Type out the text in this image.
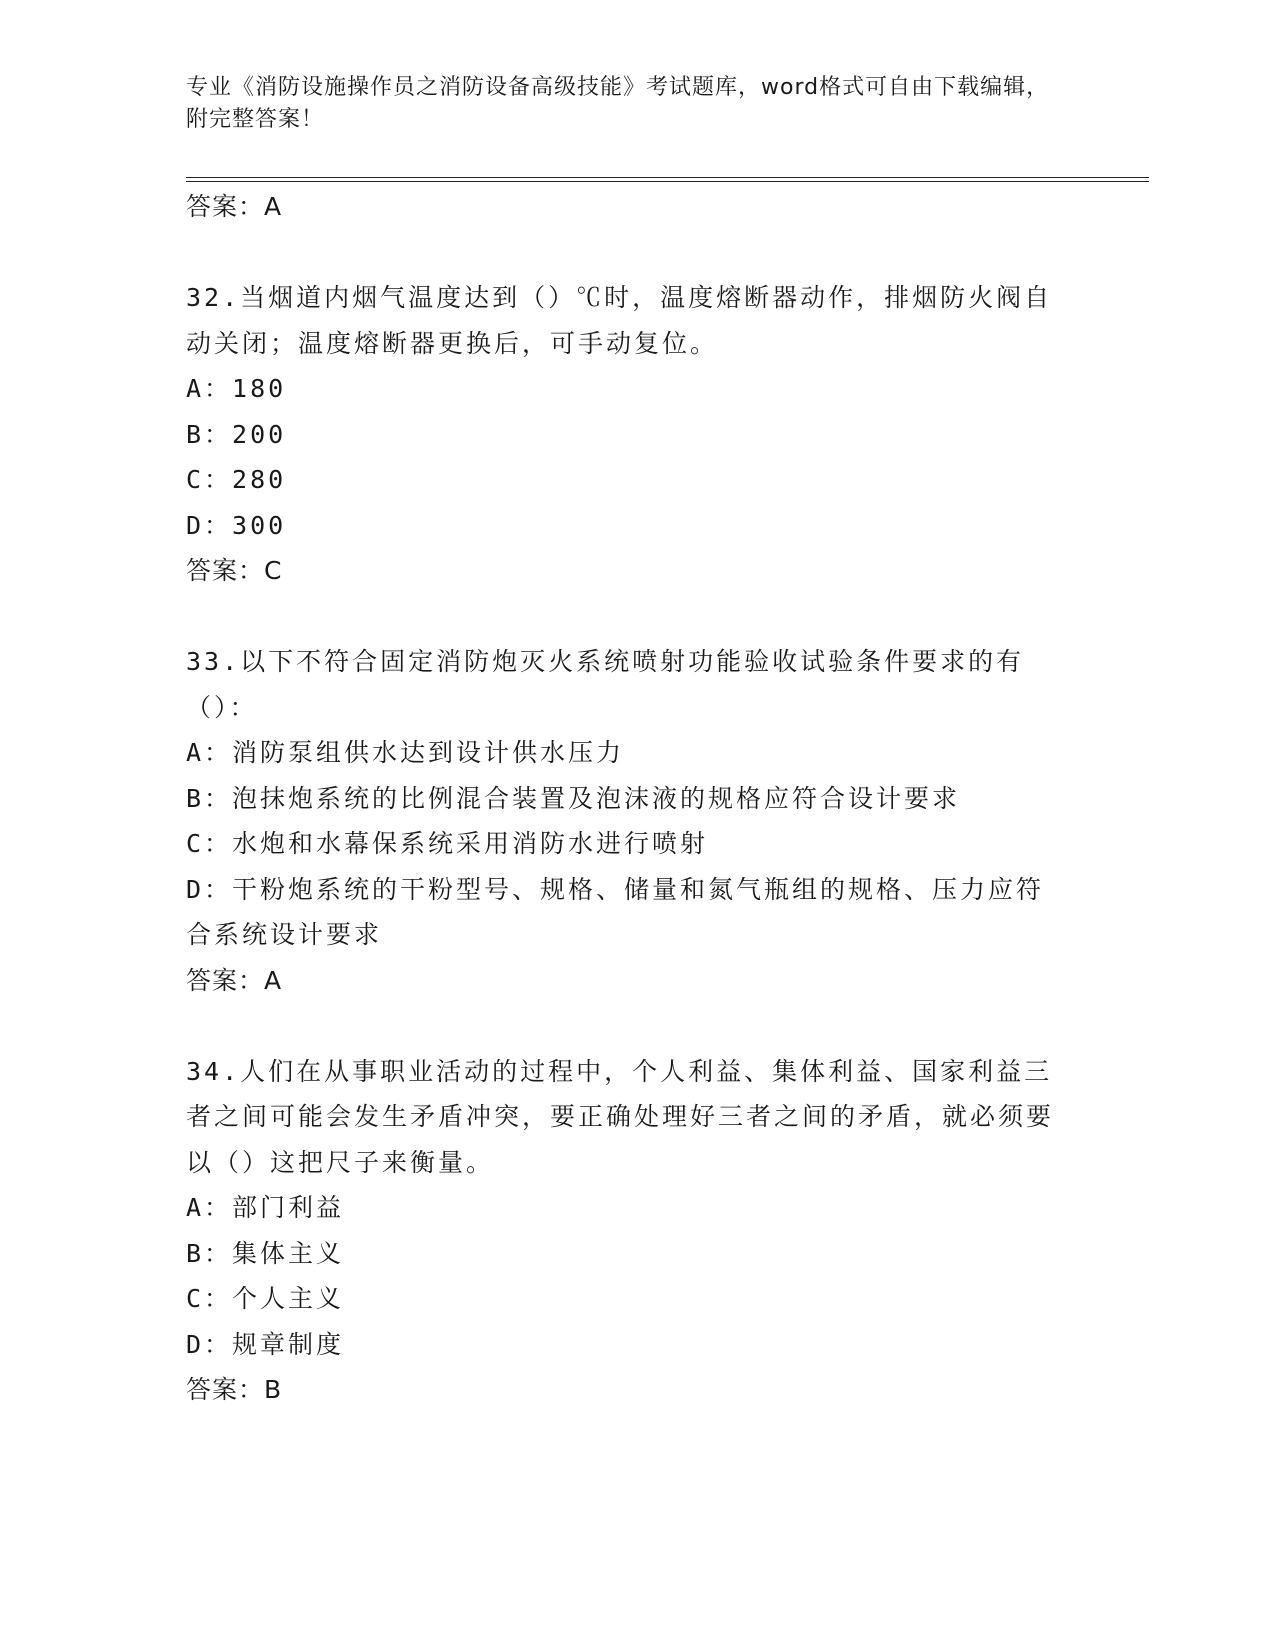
专业《消防设施操作员之消防设备高级技能》考试题库，word格式可自由下载编辑，附完整答案！
答案：A
32.当烟道内烟气温度达到（）℃时，温度熔断器动作，排烟防火阀自动关闭；温度熔断器更换后，可手动复位。
A：180
B：200
C：280
D：300
答案：C
33.以下不符合固定消防炮灭火系统喷射功能验收试验条件要求的有（）：
A：消防泵组供水达到设计供水压力
B：泡抹炮系统的比例混合装置及泡沫液的规格应符合设计要求
C：水炮和水幕保系统采用消防水进行喷射
D：干粉炮系统的干粉型号、规格、储量和氮气瓶组的规格、压力应符合系统设计要求
答案：A
34.人们在从事职业活动的过程中，个人利益、集体利益、国家利益三者之间可能会发生矛盾冲突，要正确处理好三者之间的矛盾，就必须要以（）这把尺子来衡量。
A：部门利益
B：集体主义
C：个人主义
D：规章制度
答案：B
